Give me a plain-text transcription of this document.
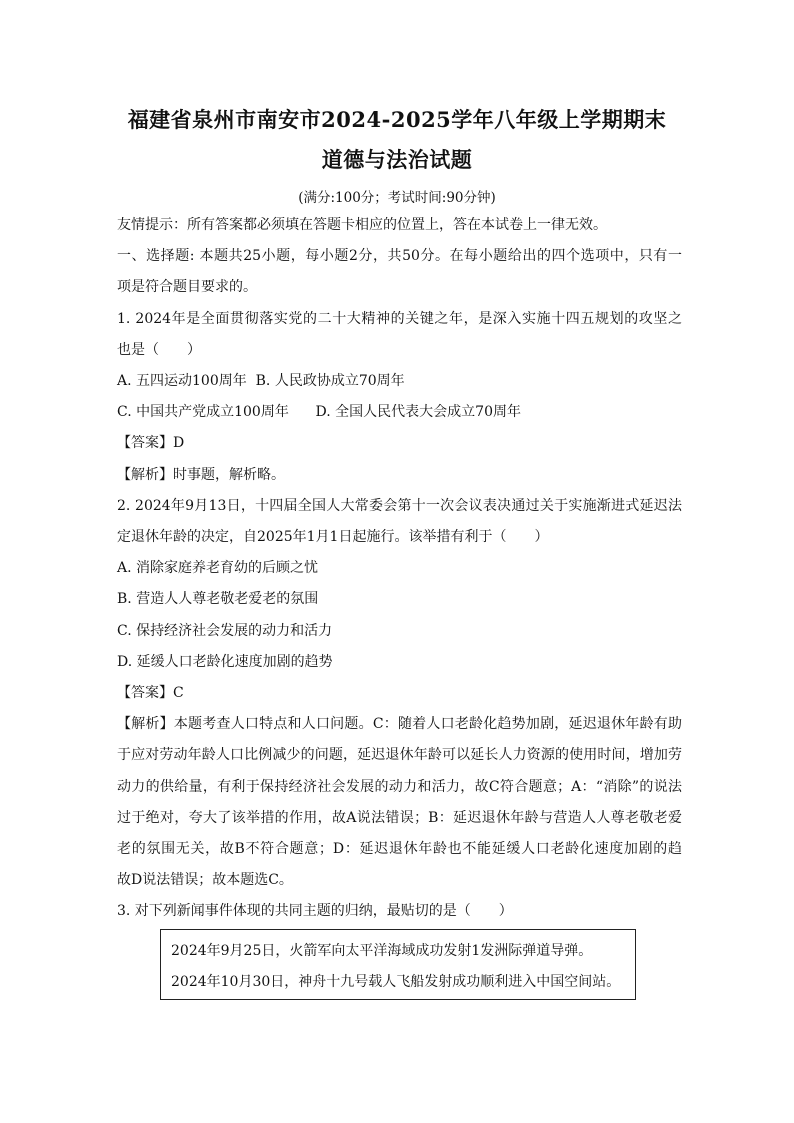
福建省泉州市南安市2024-2025学年八年级上学期期末
道德与法治试题
(满分:100分；考试时间:90分钟)
友情提示：所有答案都必须填在答题卡相应的位置上，答在本试卷上一律无效。
一、选择题: 本题共25小题，每小题2分，共50分。在每小题给出的四个选项中，只有一
项是符合题目要求的。
1. 2024年是全面贯彻落实党的二十大精神的关键之年，是深入实施十四五规划的攻坚之
也是（　　）
A. 五四运动100周年  B. 人民政协成立70周年
C. 中国共产党成立100周年      D. 全国人民代表大会成立70周年
【答案】D
【解析】时事题，解析略。
2. 2024年9月13日，十四届全国人大常委会第十一次会议表决通过关于实施渐进式延迟法
定退休年龄的决定，自2025年1月1日起施行。该举措有利于（　　）
A. 消除家庭养老育幼的后顾之忧
B. 营造人人尊老敬老爱老的氛围
C. 保持经济社会发展的动力和活力
D. 延缓人口老龄化速度加剧的趋势
【答案】C
【解析】本题考查人口特点和人口问题。C：随着人口老龄化趋势加剧，延迟退休年龄有助
于应对劳动年龄人口比例减少的问题，延迟退休年龄可以延长人力资源的使用时间，增加劳
动力的供给量，有利于保持经济社会发展的动力和活力，故C符合题意；A：“消除”的说法
过于绝对，夸大了该举措的作用，故A说法错误；B：延迟退休年龄与营造人人尊老敬老爱
老的氛围无关，故B不符合题意；D：延迟退休年龄也不能延缓人口老龄化速度加剧的趋
故D说法错误；故本题选C。
3. 对下列新闻事件体现的共同主题的归纳，最贴切的是（　　）
2024年9月25日，火箭军向太平洋海域成功发射1发洲际弹道导弹。
2024年10月30日，神舟十九号载人飞船发射成功顺利进入中国空间站。
